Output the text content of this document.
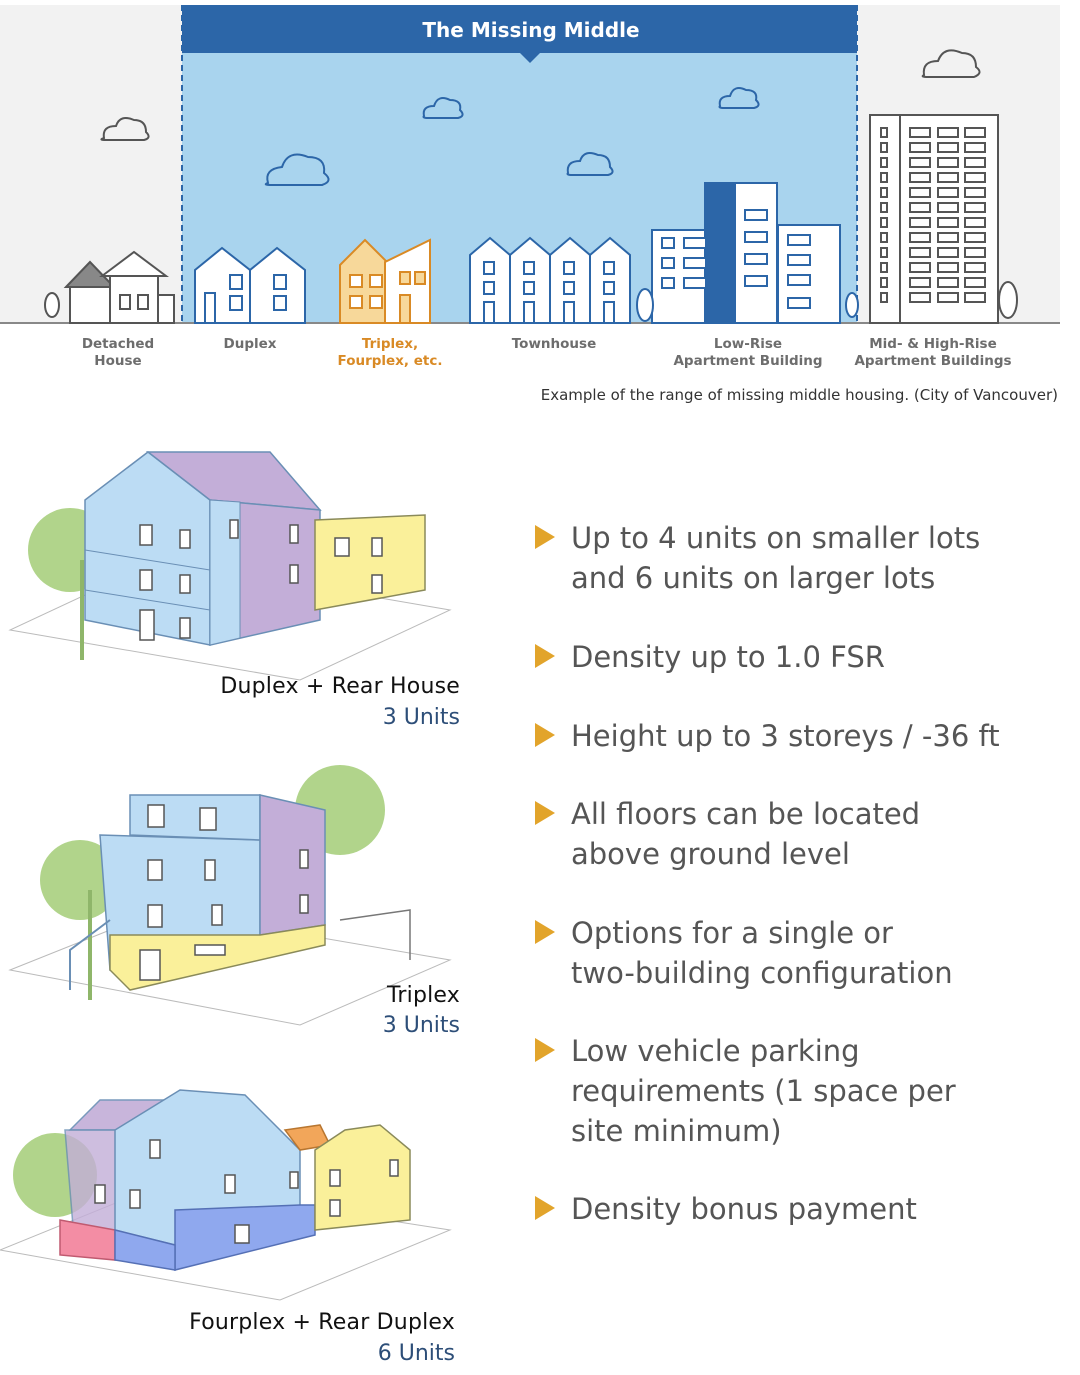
The Missing Middle
Detached
House
Duplex	Triplex,
Fourplex, etc.
Townhouse	Low-Rise
Apartment Building
Mid- & High-Rise
Apartment Buildings
Example of the range of missing middle housing. (City of Vancouver)
Duplex + Rear House
3 Units
Triplex
3 Units
Fourplex + Rear Duplex
6 Units
Up to 4 units on smaller lots
and 6 units on larger lots
Density up to 1.0 FSR
Height up to 3 storeys / -36 ft
All floors can be located
above ground level
Options for a single or
two-building configuration
Low vehicle parking
requirements (1 space per
site minimum)
Density bonus payment
